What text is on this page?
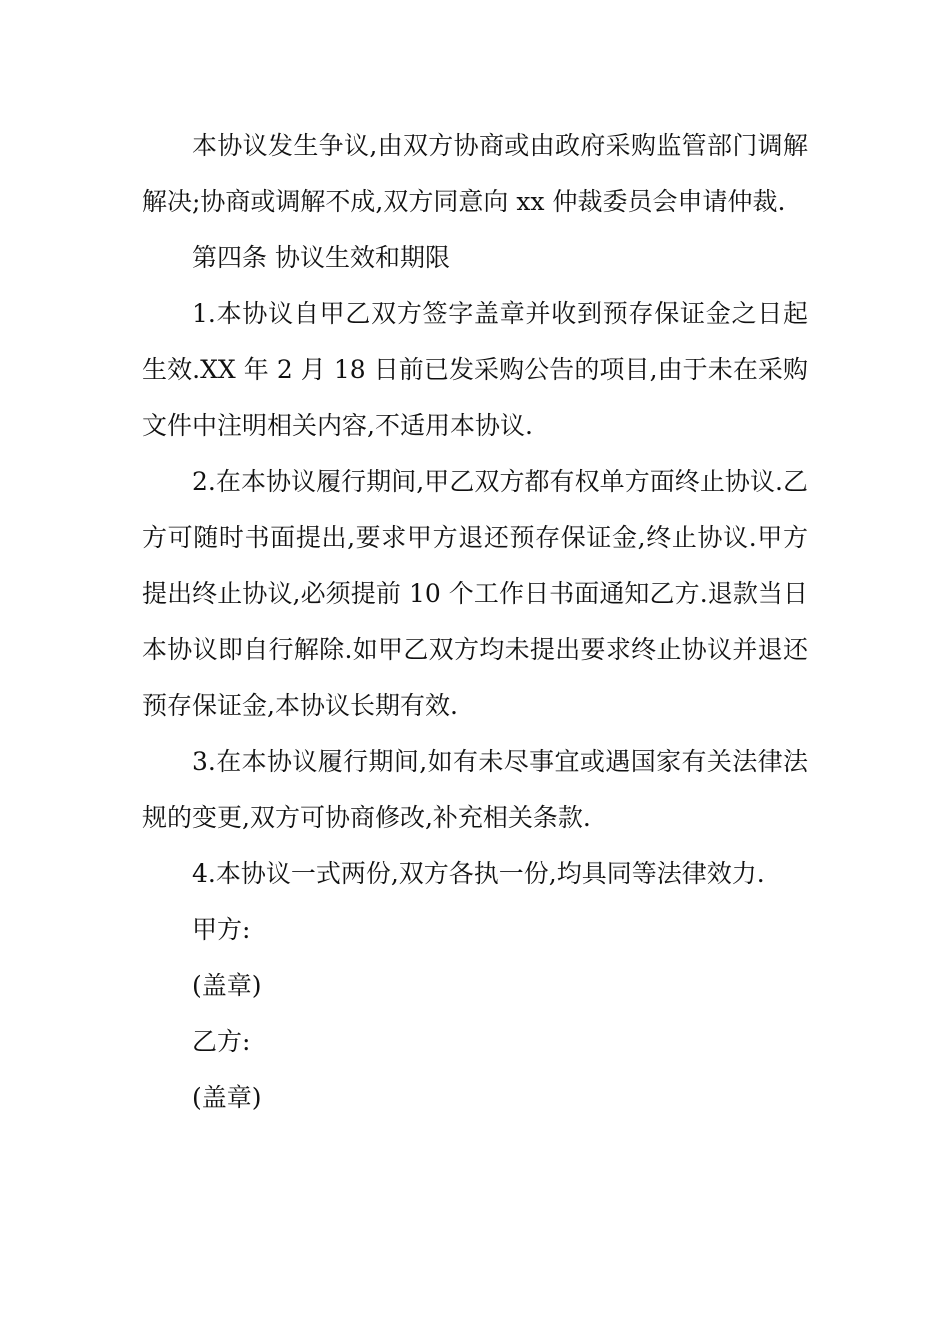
本协议发生争议,由双方协商或由政府采购监管部门调解解决;协商或调解不成,双方同意向 xx 仲裁委员会申请仲裁.

第四条 协议生效和期限

1.本协议自甲乙双方签字盖章并收到预存保证金之日起生效.XX 年 2 月 18 日前已发采购公告的项目,由于未在采购文件中注明相关内容,不适用本协议.

2.在本协议履行期间,甲乙双方都有权单方面终止协议.乙方可随时书面提出,要求甲方退还预存保证金,终止协议.甲方提出终止协议,必须提前 10 个工作日书面通知乙方.退款当日本协议即自行解除.如甲乙双方均未提出要求终止协议并退还预存保证金,本协议长期有效.

3.在本协议履行期间,如有未尽事宜或遇国家有关法律法规的变更,双方可协商修改,补充相关条款.

4.本协议一式两份,双方各执一份,均具同等法律效力.

甲方:

(盖章)

乙方:

(盖章)
